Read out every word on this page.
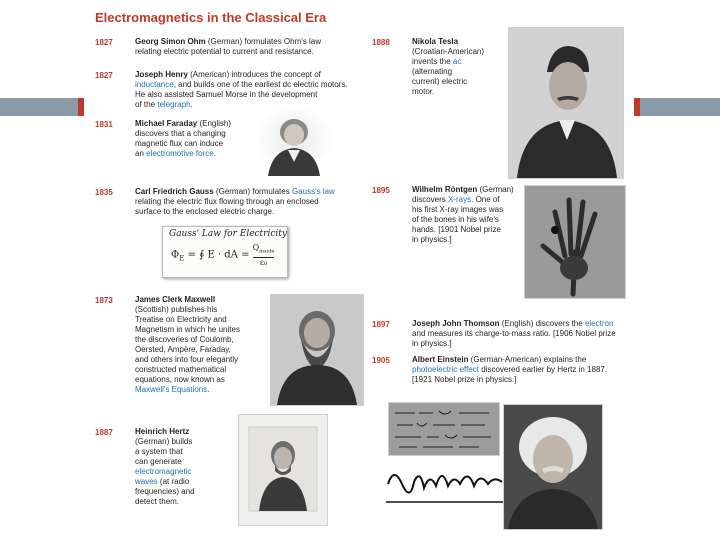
Electromagnetics in the Classical Era
1827	Georg Simon Ohm (German) formulates Ohm's law
relating electric potential to current and resistance.
1827	Joseph Henry (American) introduces the concept of
inductance, and builds one of the earliest dc electric motors.
He also assisted Samuel Morse in the development
of the telegraph.
1831	Michael Faraday (English)
discovers that a changing
magnetic flux can induce
an electromotive force.
1835	Carl Friedrich Gauss (German) formulates Gauss's law
relating the electric flux flowing through an enclosed
surface to the enclosed electric charge.
Gauss' Law for Electricity
$\Phi_E$ = ∮ E · dA =
$Q_{inside}$
ε₀
1873	James Clerk Maxwell
(Scottish) publishes his
Treatise on Electricity and
Magnetism in which he unites
the discoveries of Coulomb,
Oersted, Ampère, Faraday,
and others into four elegantly
constructed mathematical
equations, now known as
Maxwell's Equations.
1887	Heinrich Hertz
(German) builds
a system that
can generate
electromagnetic
waves (at radio
frequencies) and
detect them.
1888	Nikola Tesla
(Croatian-American)
invents the ac
(alternating
current) electric
motor.
1895	Wilhelm Röntgen (German)
discovers X-rays. One of
his first X-ray images was
of the bones in his wife's
hands. [1901 Nobel prize
in physics.]
1897	Joseph John Thomson (English) discovers the electron
and measures its charge-to-mass ratio. [1906 Nobel prize
in physics.]
1905	Albert Einstein (German-American) explains the
photoelectric effect discovered earlier by Hertz in 1887.
[1921 Nobel prize in physics.]
